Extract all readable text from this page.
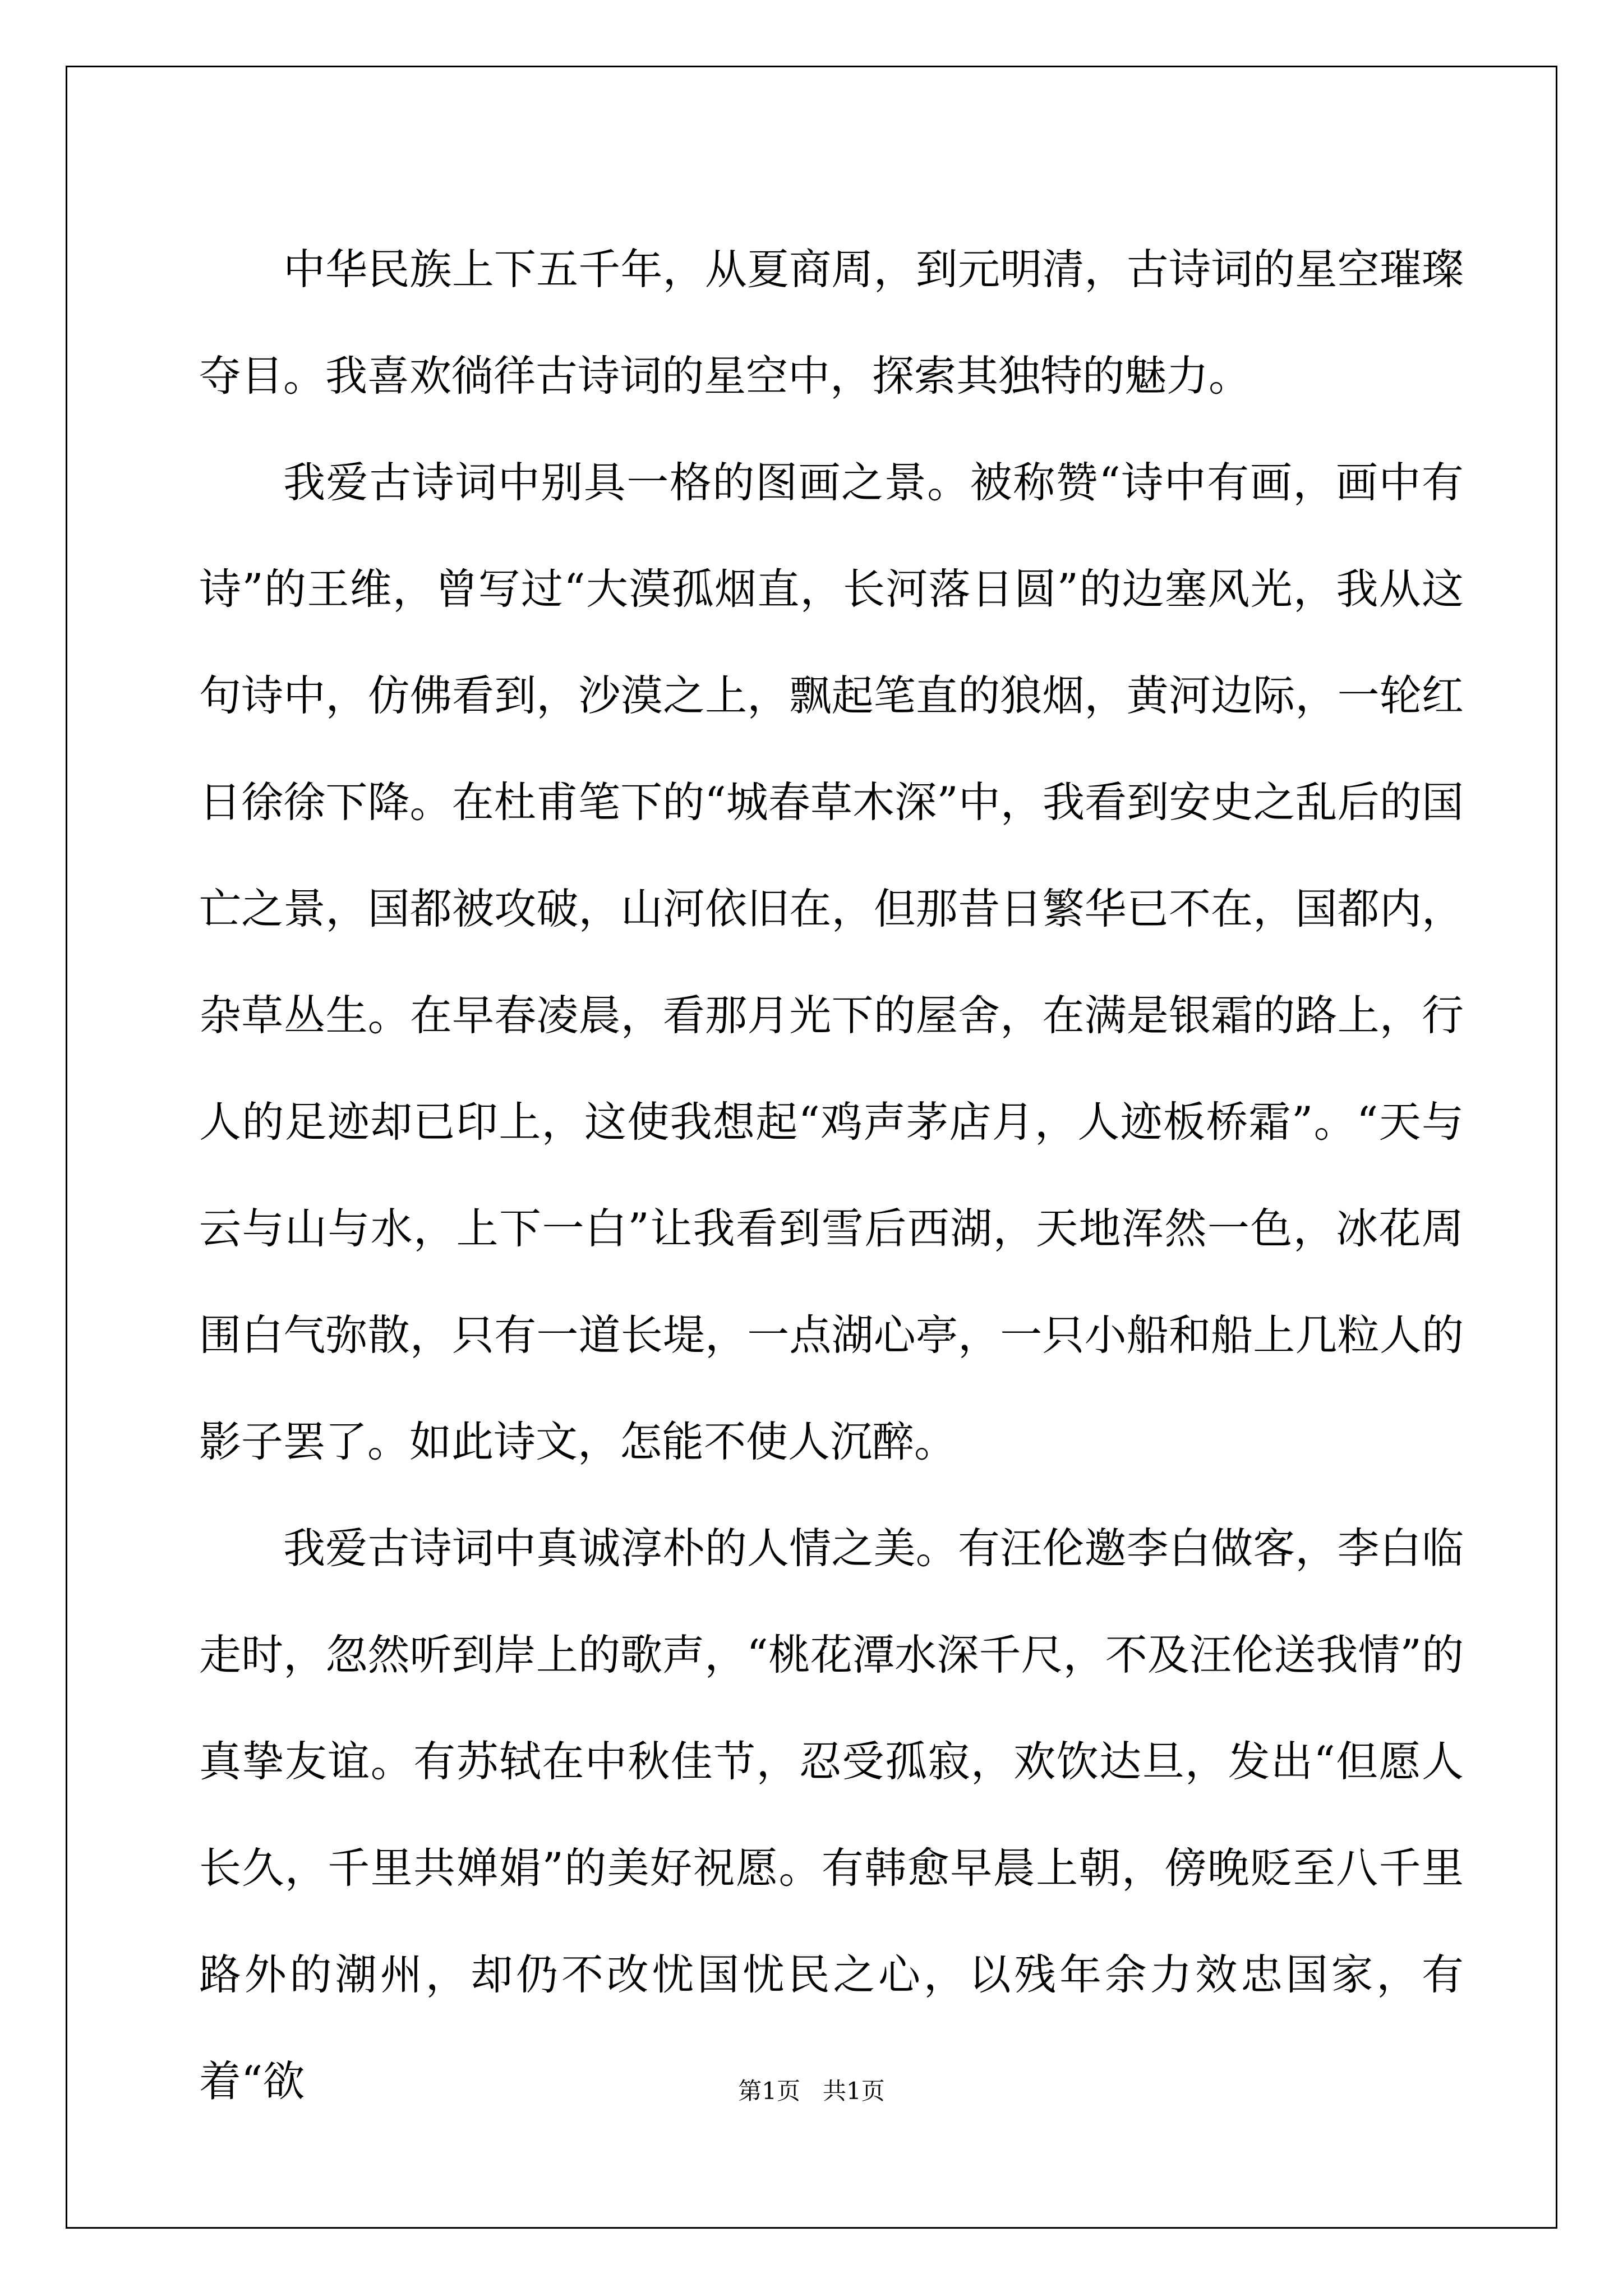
中华民族上下五千年，从夏商周，到元明清，古诗词的星空璀璨夺目。我喜欢徜徉古诗词的星空中，探索其独特的魅力。

我爱古诗词中别具一格的图画之景。被称赞“诗中有画，画中有诗”的王维，曾写过“大漠孤烟直，长河落日圆”的边塞风光，我从这句诗中，仿佛看到，沙漠之上，飘起笔直的狼烟，黄河边际，一轮红日徐徐下降。在杜甫笔下的“城春草木深”中，我看到安史之乱后的国亡之景，国都被攻破，山河依旧在，但那昔日繁华已不在，国都内，杂草丛生。在早春凌晨，看那月光下的屋舍，在满是银霜的路上，行人的足迹却已印上，这使我想起“鸡声茅店月，人迹板桥霜”。“天与云与山与水，上下一白”让我看到雪后西湖，天地浑然一色，冰花周围白气弥散，只有一道长堤，一点湖心亭，一只小船和船上几粒人的影子罢了。如此诗文，怎能不使人沉醉。

我爱古诗词中真诚淳朴的人情之美。有汪伦邀李白做客，李白临走时，忽然听到岸上的歌声，“桃花潭水深千尺，不及汪伦送我情”的真挚友谊。有苏轼在中秋佳节，忍受孤寂，欢饮达旦，发出“但愿人长久，千里共婵娟”的美好祝愿。有韩愈早晨上朝，傍晚贬至八千里路外的潮州，却仍不改忧国忧民之心，以残年余力效忠国家，有着“欲	第1页   共1页
